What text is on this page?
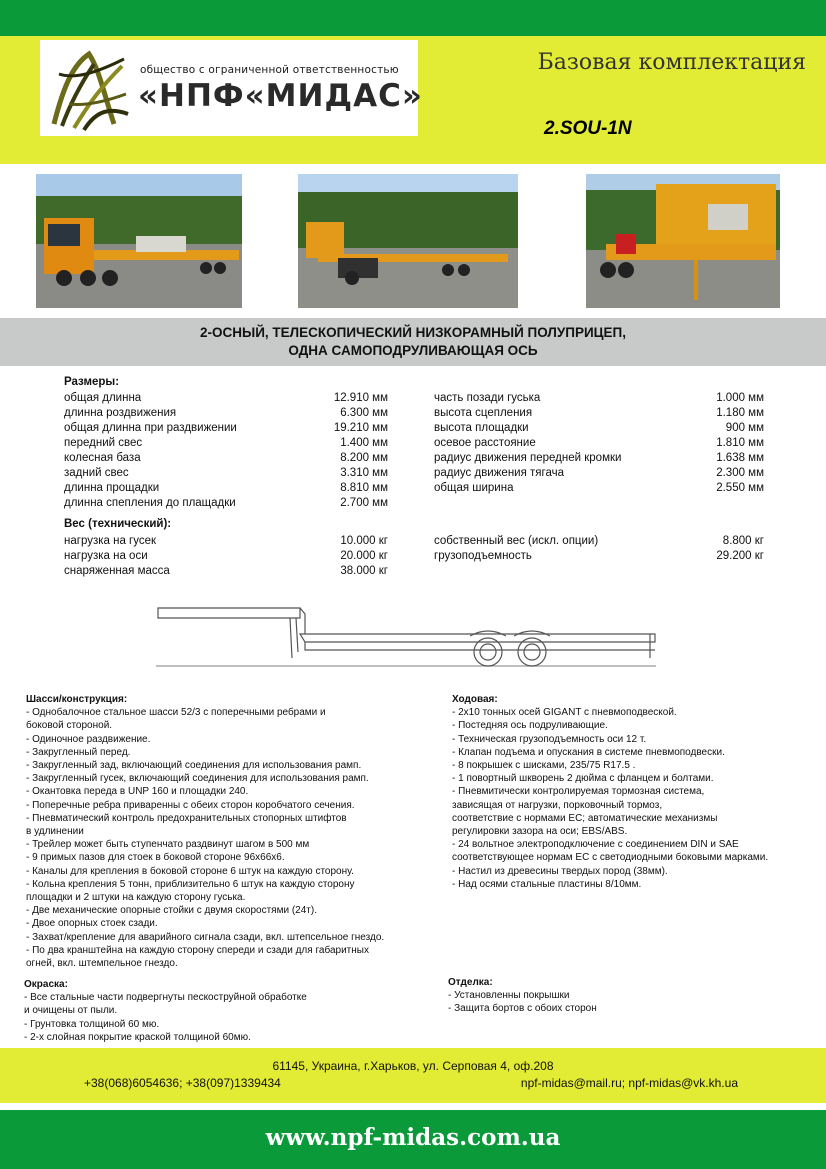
общество с ограниченной ответственностью
«НПФ«МИДАС»
Базовая комплектация
2.SOU-1N
2-ОСНЫЙ, ТЕЛЕСКОПИЧЕСКИЙ НИЗКОРАМНЫЙ ПОЛУПРИЦЕП,
ОДНА САМОПОДРУЛИВАЮЩАЯ ОСЬ
Размеры:
общая длинна	12.910 мм
длинна роздвижения	6.300 мм
общая длинна при раздвижении	19.210 мм
передний свес	1.400 мм
колесная база	8.200 мм
задний свес	3.310 мм
длинна прощадки	8.810 мм
длинна спепления до плащадки	2.700 мм
часть позади гуська	1.000 мм
высота сцепления	1.180 мм
высота площадки	900 мм
осевое расстояние	1.810 мм
радиус движения передней кромки	1.638 мм
радиус движения тягача	2.300 мм
общая ширина	2.550 мм
Вес (технический):
нагрузка на гусек	10.000 кг
нагрузка на оси	20.000 кг
снаряженная масса	38.000 кг
собственный вес (искл. опции)	8.800 кг
грузоподъемность	29.200 кг
Шасси/конструкция:
- Однобалочное стальное шасси 52/3 с поперечными ребрами и
боковой стороной.
- Одиночное раздвижение.
- Закругленный перед.
- Закругленный зад, включающий соединения для использования рамп.
- Закругленный гусек, включающий соединения для использования рамп.
- Окантовка переда в UNP 160 и площадки 240.
- Поперечные ребра приваренны с обеих сторон коробчатого сечения.
- Пневматический контроль предохранительных стопорных штифтов
в удлинении
- Трейлер может быть ступенчато раздвинут шагом в 500 мм
- 9 примых пазов для стоек в боковой стороне 96х66х6.
- Каналы для крепления в боковой стороне 6 штук на каждую сторону.
- Кольна крепления 5 тонн, приблизительно 6 штук на каждую сторону
площадки и 2 штуки на каждую сторону гуська.
- Две механические опорные стойки с двумя скоростями (24т).
- Двое опорных стоек сзади.
- Захват/крепление для аварийного сигнала сзади, вкл. штепсельное гнездо.
- По два кранштейна на каждую сторону спереди и сзади для габаритных
огней, вкл. штемпельное гнездо.
Окраска:
- Все стальные части подвергнуты пескоструйной обработке
и очищены от пыли.
- Грунтовка толщиной 60 мю.
- 2-х слойная покрытие краской толщиной 60мю.
Ходовая:
- 2х10 тонных осей GIGANT с пневмоподвеской.
- Постедняя ось подруливающие.
- Техническая грузоподъемность оси 12 т.
- Клапан подъема и опускания в системе пневмоподвески.
- 8 покрышек с шисками, 235/75 R17.5 .
- 1 повортный шкворень 2 дюйма с фланцем и болтами.
- Пневмитически контролируемая тормозная система,
зависящая от нагрузки, порковочный тормоз,
соответствие с нормами ЕС; автоматические механизмы
регулировки зазора на оси; EBS/ABS.
- 24 вольтное электроподключение с соединением DIN и SAE
соответствующее нормам ЕС с светодиодными боковыми марками.
- Настил из древесины твердых пород (38мм).
- Над осями стальные пластины 8/10мм.
Отделка:
- Установленны покрышки
- Защита бортов с обоих сторон
61145, Украина, г.Харьков, ул. Серповая 4, оф.208
+38(068)6054636; +38(097)1339434	npf-midas@mail.ru; npf-midas@vk.kh.ua
www.npf-midas.com.ua
